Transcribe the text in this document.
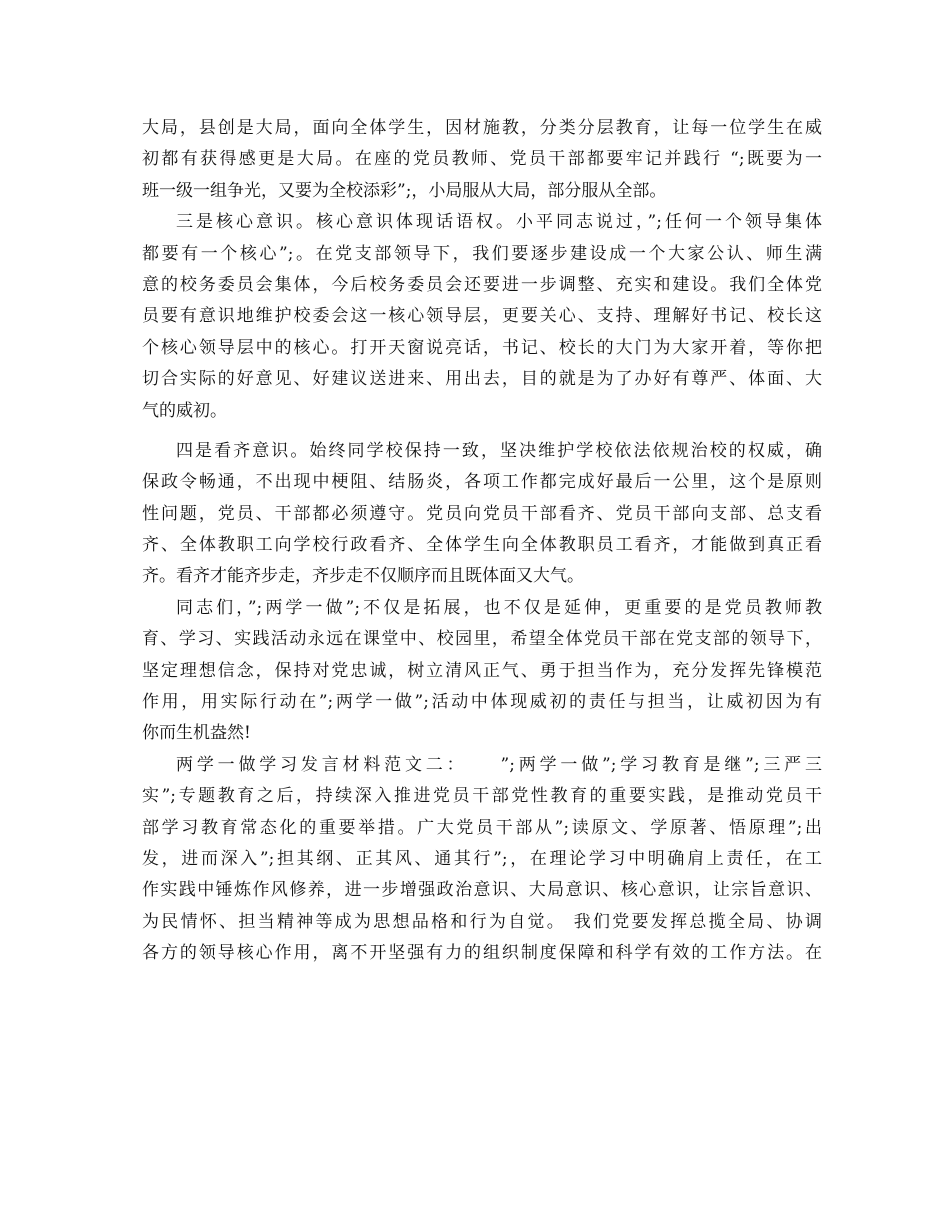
大局，县创是大局，面向全体学生，因材施教，分类分层教育，让每一位学生在威
初都有获得感更是大局。在座的党员教师、党员干部都要牢记并践行 “;既要为一
班一级一组争光，又要为全校添彩”;，小局服从大局，部分服从全部。
三是核心意识。核心意识体现话语权。小平同志说过，”;任何一个领导集体
都要有一个核心”;。在党支部领导下，我们要逐步建设成一个大家公认、师生满
意的校务委员会集体，今后校务委员会还要进一步调整、充实和建设。我们全体党
员要有意识地维护校委会这一核心领导层，更要关心、支持、理解好书记、校长这
个核心领导层中的核心。打开天窗说亮话，书记、校长的大门为大家开着，等你把
切合实际的好意见、好建议送进来、用出去，目的就是为了办好有尊严、体面、大
气的威初。
四是看齐意识。始终同学校保持一致，坚决维护学校依法依规治校的权威，确
保政令畅通，不出现中梗阻、结肠炎，各项工作都完成好最后一公里，这个是原则
性问题，党员、干部都必须遵守。党员向党员干部看齐、党员干部向支部、总支看
齐、全体教职工向学校行政看齐、全体学生向全体教职员工看齐，才能做到真正看
齐。看齐才能齐步走，齐步走不仅顺序而且既体面又大气。
同志们，”;两学一做”;不仅是拓展，也不仅是延伸，更重要的是党员教师教
育、学习、实践活动永远在课堂中、校园里，希望全体党员干部在党支部的领导下，
坚定理想信念，保持对党忠诚，树立清风正气、勇于担当作为，充分发挥先锋模范
作用，用实际行动在”;两学一做”;活动中体现威初的责任与担当，让威初因为有
你而生机盎然!
两学一做学习发言材料范文二：　　”;两学一做”;学习教育是继”;三严三
实”;专题教育之后，持续深入推进党员干部党性教育的重要实践，是推动党员干
部学习教育常态化的重要举措。广大党员干部从”;读原文、学原著、悟原理”;出
发，进而深入”;担其纲、正其风、通其行”;，在理论学习中明确肩上责任，在工
作实践中锤炼作风修养，进一步增强政治意识、大局意识、核心意识，让宗旨意识、
为民情怀、担当精神等成为思想品格和行为自觉。 我们党要发挥总揽全局、协调
各方的领导核心作用，离不开坚强有力的组织制度保障和科学有效的工作方法。在
